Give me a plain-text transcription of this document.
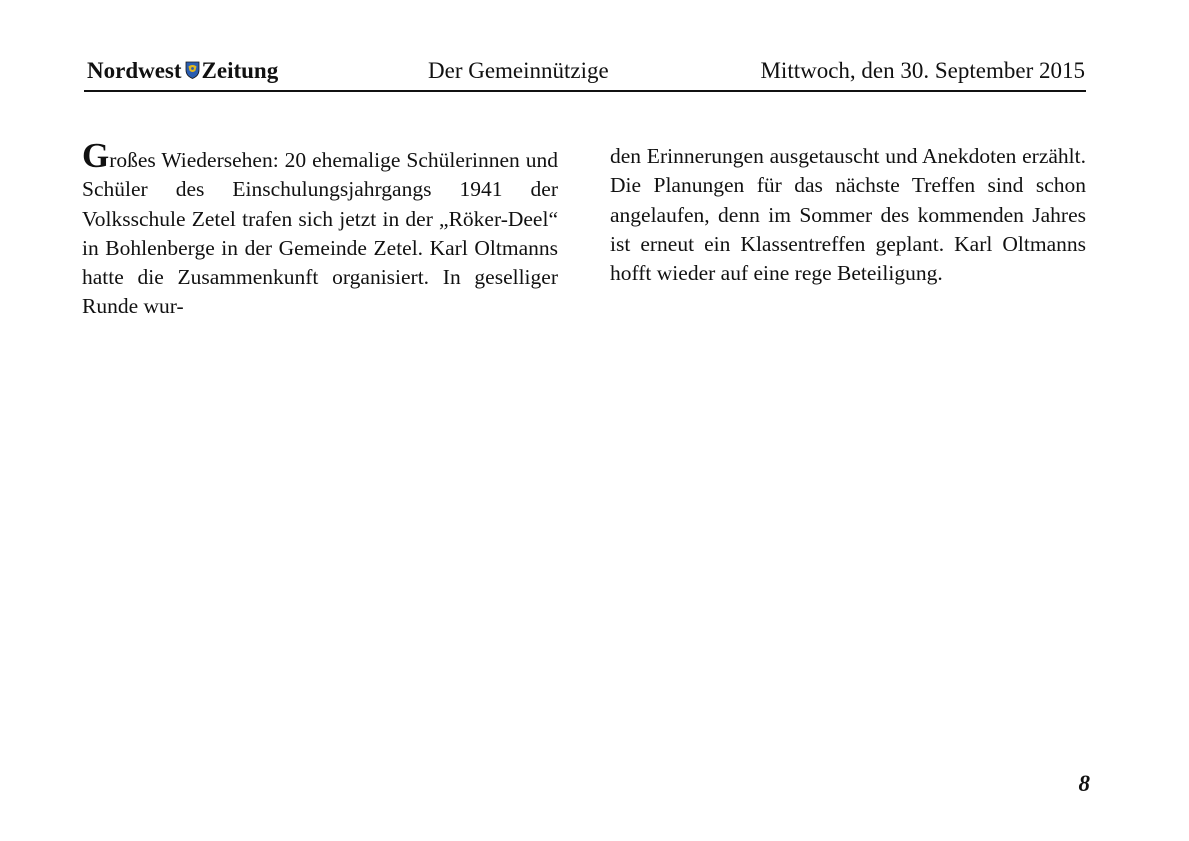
Nordwest Zeitung	Der Gemeinnützige	Mittwoch, den 30. September 2015

Großes Wiedersehen: 20 ehemalige Schülerinnen und Schüler des Einschulungsjahrgangs 1941 der Volksschule Zetel trafen sich jetzt in der „Röker-Deel“ in Bohlenberge in der Gemeinde Zetel. Karl Oltmanns hatte die Zusammenkunft organisiert. In geselliger Runde wur-

den Erinnerungen ausgetauscht und Anekdoten erzählt. Die Planungen für das nächste Treffen sind schon angelaufen, denn im Sommer des kommenden Jahres ist erneut ein Klassentreffen geplant. Karl Oltmanns hofft wieder auf eine rege Beteiligung.

8
